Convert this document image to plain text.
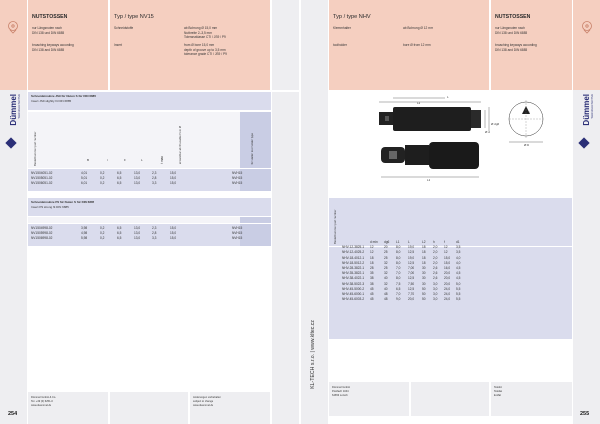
Dümmel WERKZEUGTECHNIK
NUTSTOSSEN
nur Längsnuten nach
DIN 138 und DIN 6885
broaching keyways according
DIN 138 and DIN 6885
Typ / type NV15
Schneidstoffe
Insert
ab Bohrung Ø 15,0 mm
Nutbreite 2–3,5 mm
Toleranzklasse CTI / JS9 / P9
from Ø bore 15,0 mm
depth of groove up to 3,5 mm
tolerance grade CTI / JS9 / P9
Schneideinsätze JS9 für Nuten S für DIN 6885
Insert JS9 slightly fit DIN 6885
Bestellnummer part number	B	r	F	L	t max	einsetzbar ab Ø usable from Ø	für Halter tool holder type
NV1504051-02	4,01	0,2	6,5	13,0	2,3	15,0	NVH15
NV1505051-02	5,01	0,2	6,5	13,0	2,8	15,0	NVH15
NV1506051-02	6,01	0,2	6,5	13,0	3,3	15,0	NVH15
Schneideinsätze P9 für Nuten S für DIN 6885
Insert P9 strong fit DIN 6885
NV1504998-02	3,98	0,2	6,5	13,0	2,3	15,0	NVH15
NV1505998-02	4,98	0,2	6,5	13,0	2,8	15,0	NVH15
NV1506998-02	5,98	0,2	6,5	13,0	3,3	15,0	NVH15
Dümmel GmbH & Co.
Tel. +49 (0) 6251-0
www.duemmel.de
Änderungen vorbehalten
subject to change
www.duemmel.de
254
KL-TECH s.r.o. | www.kltec.cz
Typ / type NHV
Klemmhalter	ab Bohrung Ø 12 mm
toolholder	bore Ø from 12 mm
NUTSTOSSEN
nur Längsnuten nach
DIN 138 und DIN 6885
broaching keyways according
DIN 138 and DIN 6885
Dümmel WERKZEUGTECHNIK
L
L2
Ø dg6
Ø d
Ø D
b
L1
Bestellnummer part number
		d min	dg6	L1	L	L2	h	f	d1
NHV-12-3825-1	12	20	8,0	19,0	18	2,0	12	3,5
NHV-12-4025-2	12	25	8,0	12,5	18	2,0	12	3,5
NHV-18-4012-1	18	25	8,0	19,0	18	2,0	15,0	4,0
NHV-18-5012-2	18	32	8,0	12,5	18	2,0	15,0	4,0
NHV-28-3822-1	28	25	7,0	7,00	30	2,6	16,0	4,5
NHV-35-3822-1	35	32	7,0	7,00	30	2,6	20,0	4,5
NHV-38-4022-1	38	40	8,0	12,5	30	2,6	20,0	4,5
NHV-38-5022-3	38	32	7,5	7,50	30	3,0	20,0	5,0
NHV-45-5000-2	45	40	6,5	12,5	50	3,0	24,0	5,5
NHV-45-6000-1	45	48	7,0	7,70	50	3,0	24,0	5,5
NHV-45-6003-2	45	48	9,0	20,0	50	3,0	24,0	5,5
Dümmel GmbH
Postfach 1044
64653 Lorsch
Telefon
Telefax
E-Mail
255
